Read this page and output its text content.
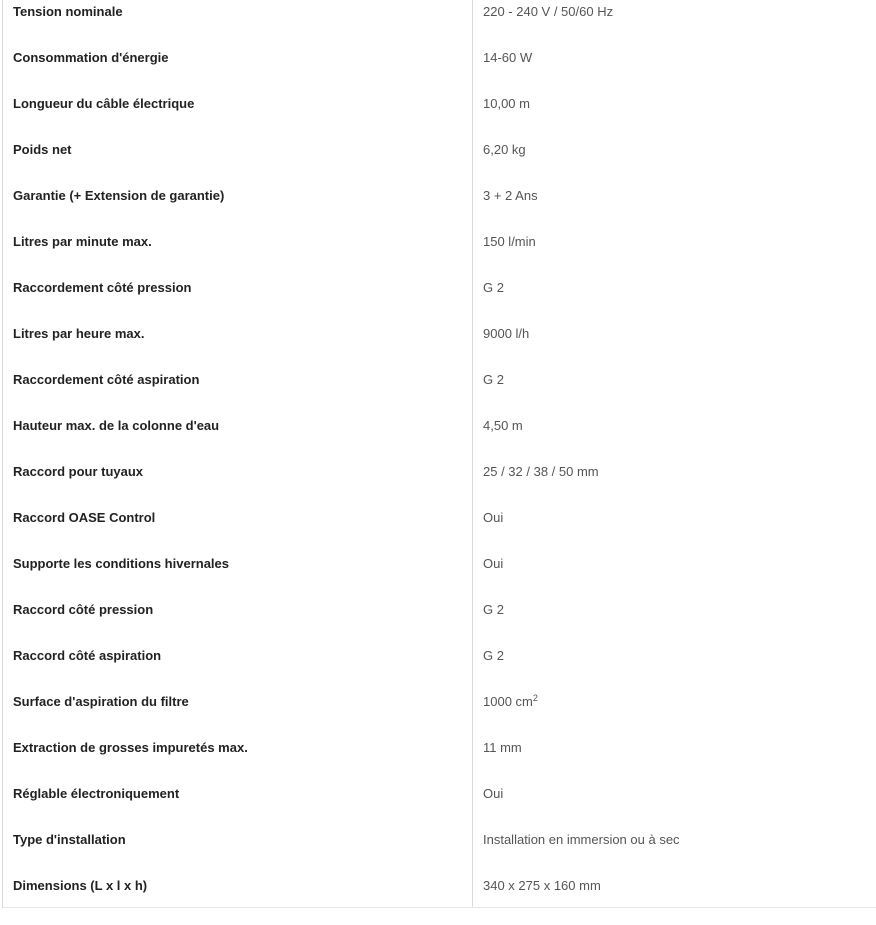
Tension nominale	220 - 240 V / 50/60 Hz
Consommation d'énergie	14-60 W
Longueur du câble électrique	10,00 m
Poids net	6,20 kg
Garantie (+ Extension de garantie)	3 + 2 Ans
Litres par minute max.	150 l/min
Raccordement côté pression	G 2
Litres par heure max.	9000 l/h
Raccordement côté aspiration	G 2
Hauteur max. de la colonne d'eau	4,50 m
Raccord pour tuyaux	25 / 32 / 38 / 50 mm
Raccord OASE Control	Oui
Supporte les conditions hivernales	Oui
Raccord côté pression	G 2
Raccord côté aspiration	G 2
Surface d'aspiration du filtre	1000 $cm^2$
Extraction de grosses impuretés max.	11 mm
Réglable électroniquement	Oui
Type d'installation	Installation en immersion ou à sec
Dimensions (L x l x h)	340 x 275 x 160 mm
